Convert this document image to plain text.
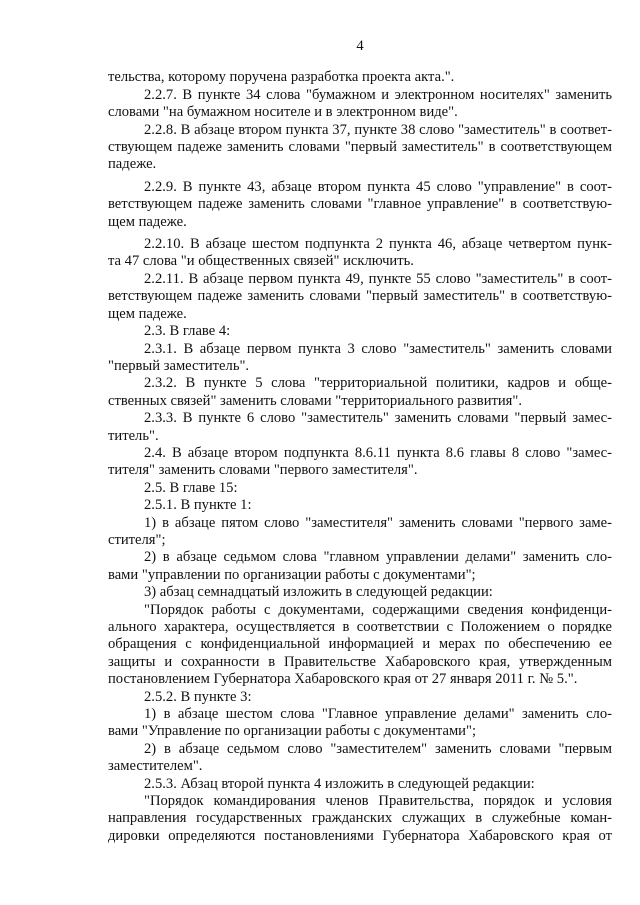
4
тельства, которому поручена разработка проекта акта.".
2.2.7. В пункте 34 слова "бумажном и электронном носителях" заменить
словами "на бумажном носителе и в электронном виде".
2.2.8. В абзаце втором пункта 37, пункте 38 слово "заместитель" в соответ-
ствующем падеже заменить словами "первый заместитель" в соответствующем
падеже.
2.2.9. В пункте 43, абзаце втором пункта 45 слово "управление" в соот-
ветствующем падеже заменить словами "главное управление" в соответствую-
щем падеже.
2.2.10. В абзаце шестом подпункта 2 пункта 46, абзаце четвертом пунк-
та 47 слова "и общественных связей" исключить.
2.2.11. В абзаце первом пункта 49, пункте 55 слово "заместитель" в соот-
ветствующем падеже заменить словами "первый заместитель" в соответствую-
щем падеже.
2.3. В главе 4:
2.3.1. В абзаце первом пункта 3 слово "заместитель" заменить словами
"первый заместитель".
2.3.2. В пункте 5 слова "территориальной политики, кадров и обще-
ственных связей" заменить словами "территориального развития".
2.3.3. В пункте 6 слово "заместитель" заменить словами "первый замес-
титель".
2.4. В абзаце втором подпункта 8.6.11 пункта 8.6 главы 8 слово "замес-
тителя" заменить словами "первого заместителя".
2.5. В главе 15:
2.5.1. В пункте 1:
1) в абзаце пятом слово "заместителя" заменить словами "первого заме-
стителя";
2) в абзаце седьмом слова "главном управлении делами" заменить сло-
вами "управлении по организации работы с документами";
3) абзац семнадцатый изложить в следующей редакции:
"Порядок работы с документами, содержащими сведения конфиденци-
ального характера, осуществляется в соответствии с Положением о порядке
обращения с конфиденциальной информацией и мерах по обеспечению ее
защиты и сохранности в Правительстве Хабаровского края, утвержденным
постановлением Губернатора Хабаровского края от 27 января 2011 г. № 5.".
2.5.2. В пункте 3:
1) в абзаце шестом слова "Главное управление делами" заменить сло-
вами "Управление по организации работы с документами";
2) в абзаце седьмом слово "заместителем" заменить словами "первым
заместителем".
2.5.3. Абзац второй пункта 4 изложить в следующей редакции:
"Порядок командирования членов Правительства, порядок и условия
направления государственных гражданских служащих в служебные коман-
дировки определяются постановлениями Губернатора Хабаровского края от
